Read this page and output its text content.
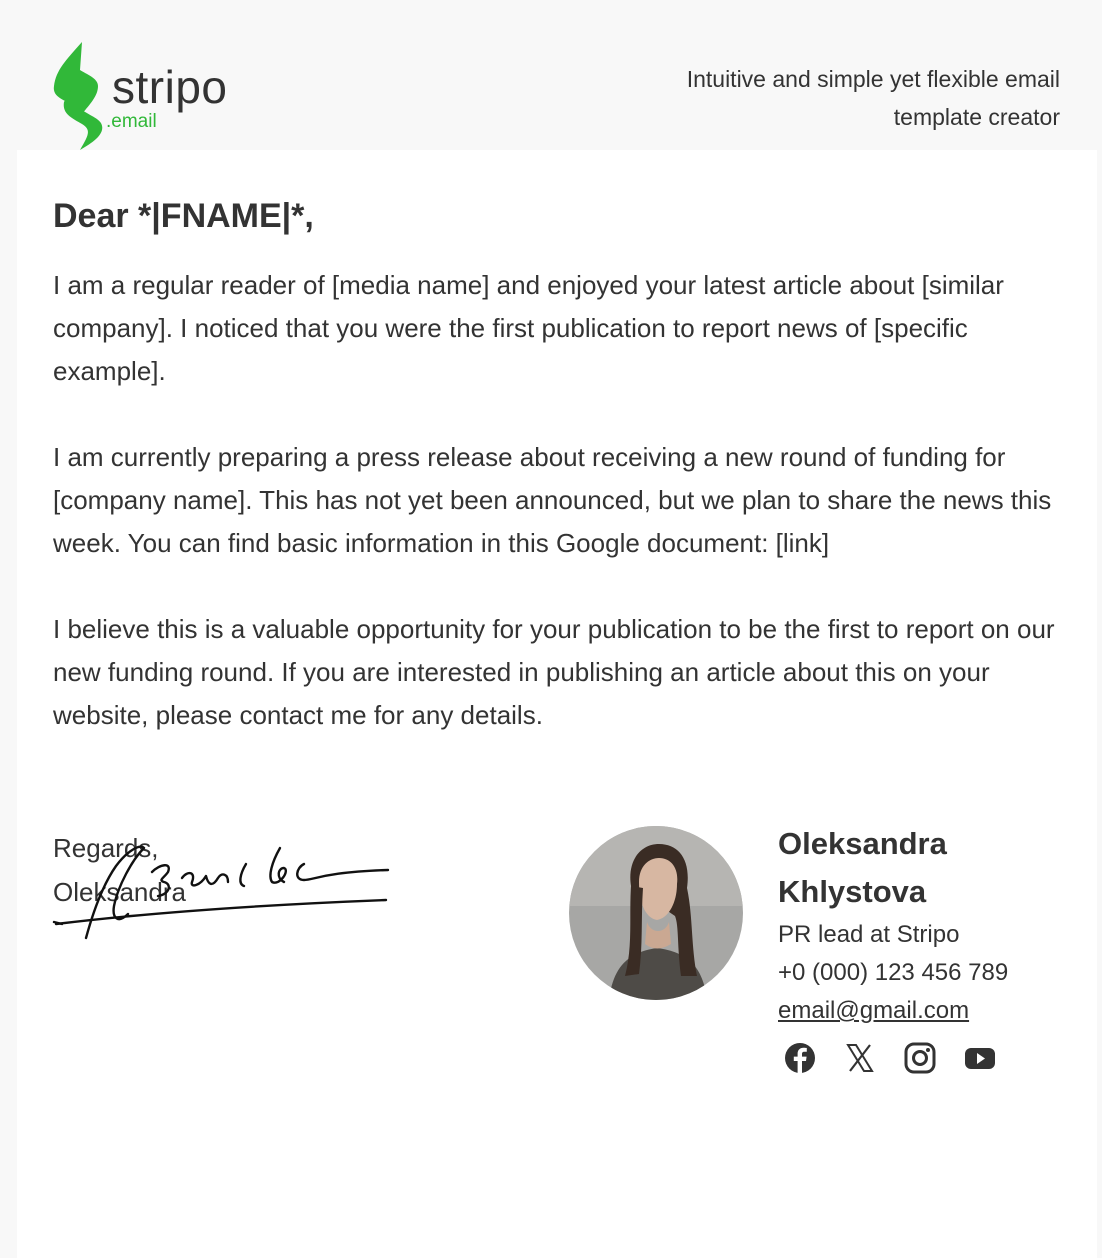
stripo
.email
Intuitive and simple yet flexible email template creator
Dear *|FNAME|*,

I am a regular reader of [media name] and enjoyed your latest article about [similar company]. I noticed that you were the first publication to report news of [specific example].

I am currently preparing a press release about receiving a new round of funding for [company name]. This has not yet been announced, but we plan to share the news this week. You can find basic information in this Google document: [link]

I believe this is a valuable opportunity for your publication to be the first to report on our new funding round. If you are interested in publishing an article about this on your website, please contact me for any details.

Regards,
Oleksandra
Oleksandra Khlystova
PR lead at Stripo
+0 (000) 123 456 789
email@gmail.com
